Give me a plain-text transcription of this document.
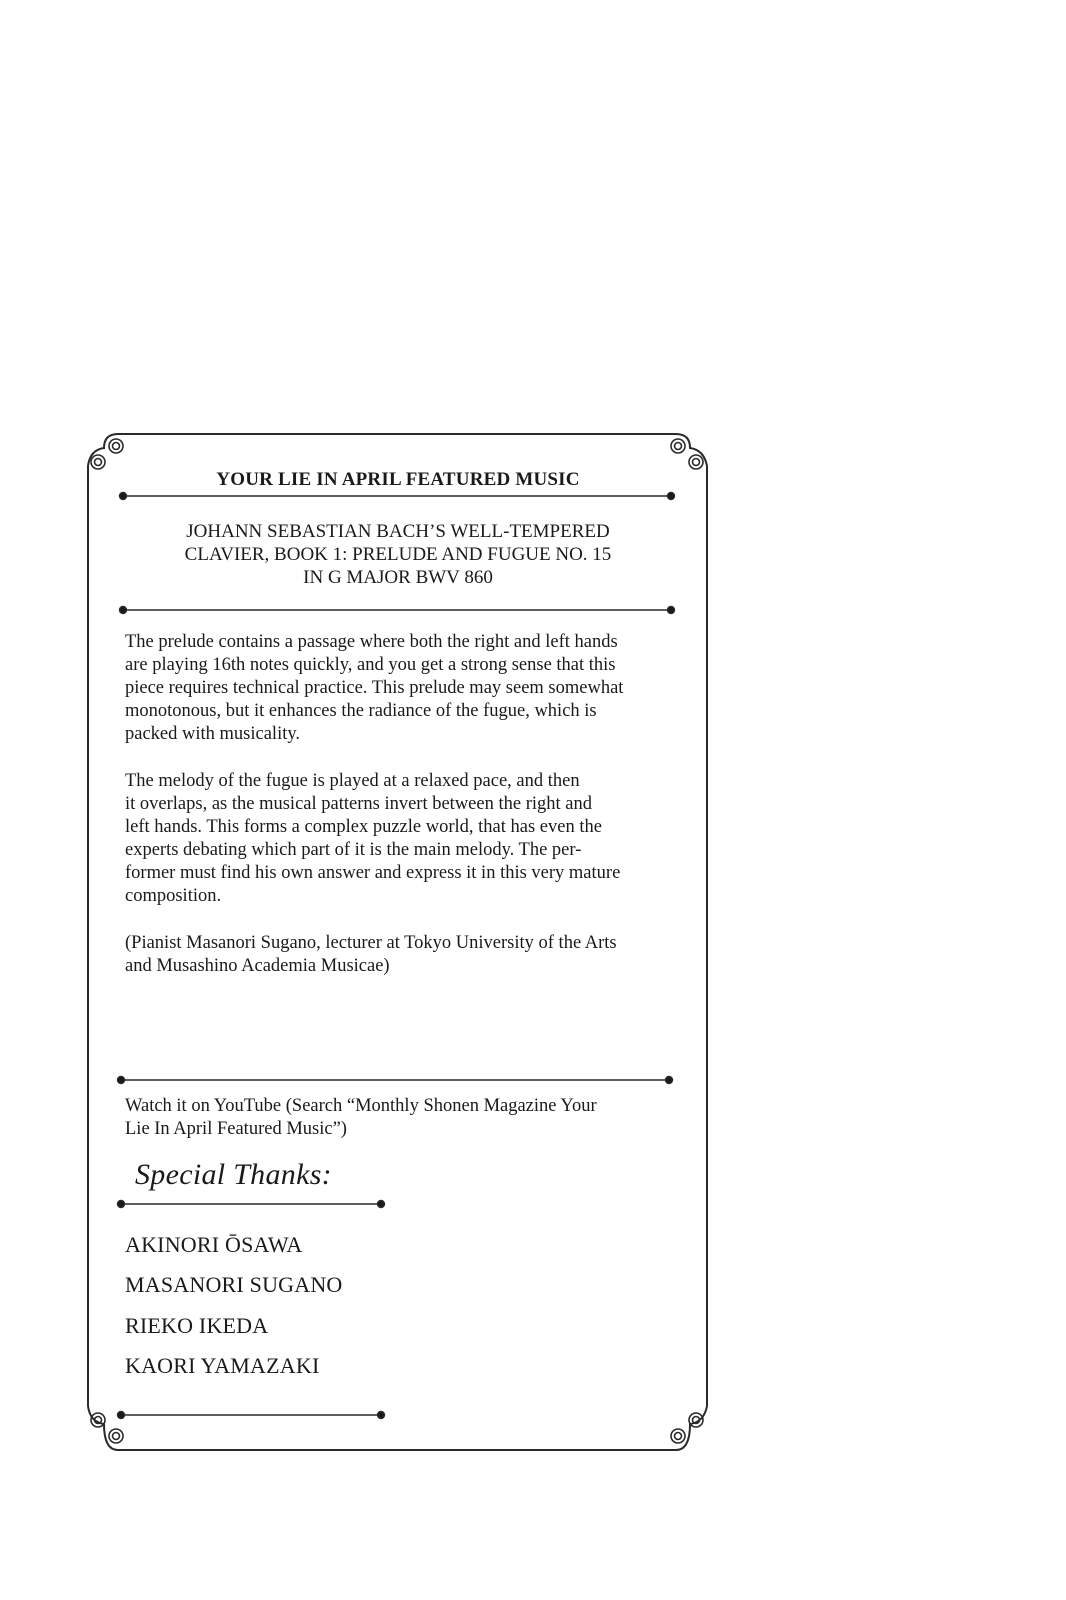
YOUR LIE IN APRIL FEATURED MUSIC
JOHANN SEBASTIAN BACH’S WELL-TEMPERED
CLAVIER, BOOK 1: PRELUDE AND FUGUE NO. 15
IN G MAJOR BWV 860
The prelude contains a passage where both the right and left hands
are playing 16th notes quickly, and you get a strong sense that this
piece requires technical practice. This prelude may seem somewhat
monotonous, but it enhances the radiance of the fugue, which is
packed with musicality.
The melody of the fugue is played at a relaxed pace, and then
it overlaps, as the musical patterns invert between the right and
left hands. This forms a complex puzzle world, that has even the
experts debating which part of it is the main melody. The per-
former must find his own answer and express it in this very mature
composition.
(Pianist Masanori Sugano, lecturer at Tokyo University of the Arts
and Musashino Academia Musicae)
Watch it on YouTube (Search “Monthly Shonen Magazine Your
Lie In April Featured Music”)
Special Thanks:
AKINORI ŌSAWA
MASANORI SUGANO
RIEKO IKEDA
KAORI YAMAZAKI
